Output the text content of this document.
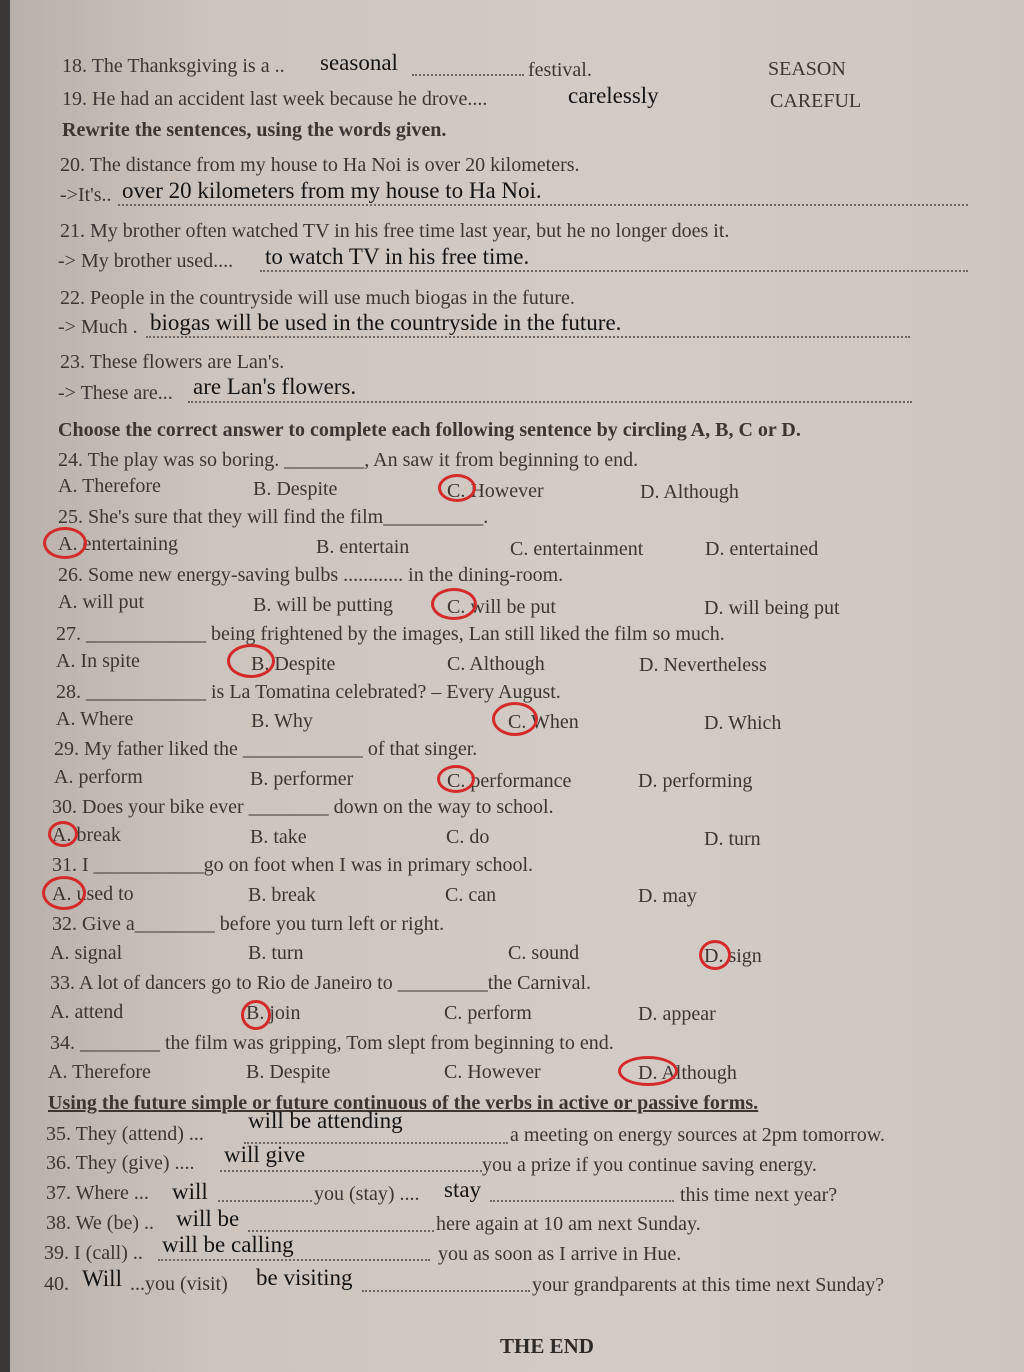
18. The Thanksgiving is a .. seasonal	festival.	SEASON
19. He had an accident last week because he drove....	carelessly	CAREFUL
Rewrite the sentences, using the words given.
20. The distance from my house to Ha Noi is over 20 kilometers.
->It's.. over 20 kilometers from my house to Ha Noi.
21. My brother often watched TV in his free time last year, but he no longer does it.
-> My brother used.... to watch TV in his free time.
22. People in the countryside will use much biogas in the future.
-> Much . biogas will be used in the countryside in the future.
23. These flowers are Lan's.
-> These are... are Lan's flowers.
Choose the correct answer to complete each following sentence by circling A, B, C or D.
24. The play was so boring. ________, An saw it from beginning to end.
A. Therefore	B. Despite	C. However	D. Although
25. She's sure that they will find the film__________.
A. entertaining	B. entertain	C. entertainment	D. entertained
26. Some new energy-saving bulbs ............ in the dining-room.
A. will put	B. will be putting	C. will be put	D. will being put
27. ____________ being frightened by the images, Lan still liked the film so much.
A. In spite	B. Despite	C. Although	D. Nevertheless
28. ____________ is La Tomatina celebrated? – Every August.
A. Where	B. Why	C. When	D. Which
29. My father liked the ____________ of that singer.
A. perform	B. performer	C. performance	D. performing
30. Does your bike ever ________ down on the way to school.
A. break	B. take	C. do	D. turn
31. I ___________go on foot when I was in primary school.
A. used to	B. break	C. can	D. may
32. Give a________ before you turn left or right.
A. signal	B. turn	C. sound	D. sign
33. A lot of dancers go to Rio de Janeiro to _________the Carnival.
A. attend	B. join	C. perform	D. appear
34. ________ the film was gripping, Tom slept from beginning to end.
A. Therefore	B. Despite	C. However	D. Although
Using the future simple or future continuous of the verbs in active or passive forms.
35. They (attend) ...
will be attending
a meeting on energy sources at 2pm tomorrow.
36. They (give) .... will give	you a prize if you continue saving energy.
37. Where ... will	you (stay) .... stay	this time next year?
38. We (be) .. will be	here again at 10 am next Sunday.
39. I (call) .. will be calling	you as soon as I arrive in Hue.
40. Will ...you (visit) be visiting	your grandparents at this time next Sunday?
THE END
